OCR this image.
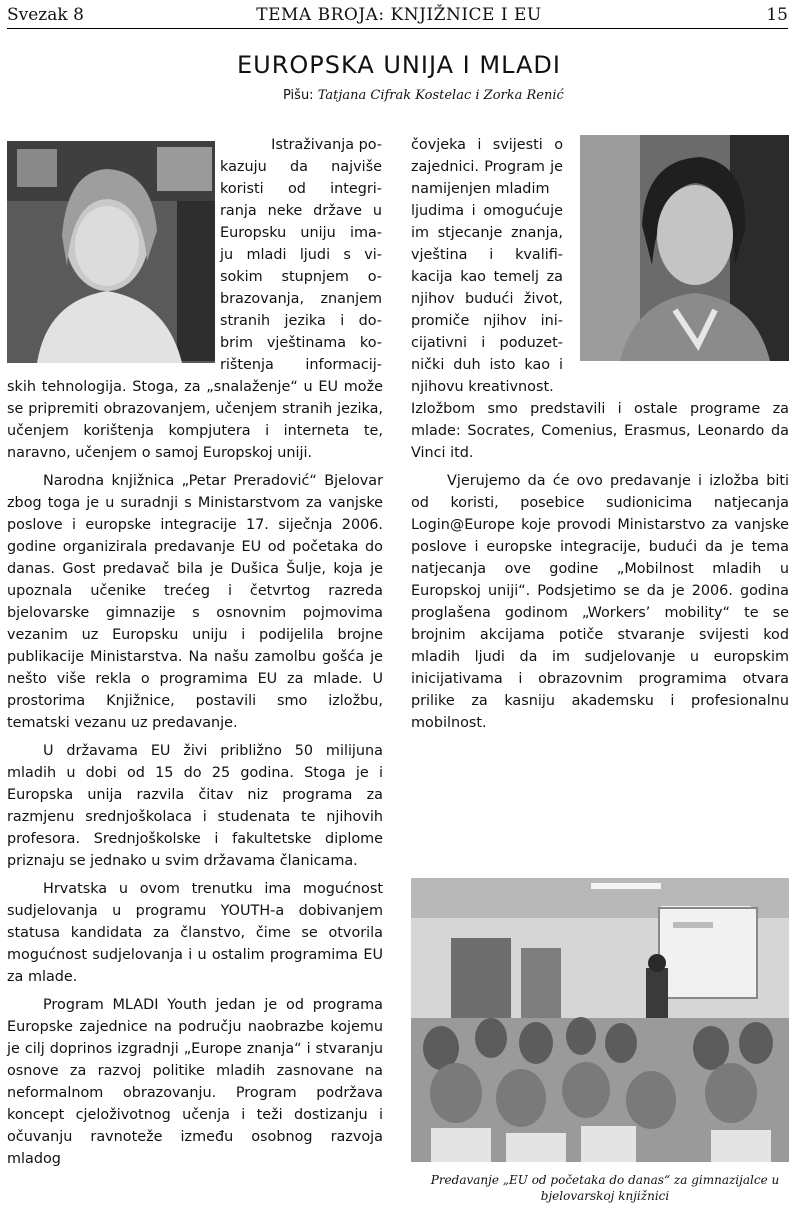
Svezak 8	TEMA BROJA: KNJIŽNICE I EU	15
EUROPSKA UNIJA I MLADI
Pišu: Tatjana Cifrak Kostelac i Zorka Renić
Istraživanja po-
kazuju da najviše
koristi od integri-
ranja neke države u
Europsku uniju ima-
ju mladi ljudi s vi-
sokim stupnjem o-
brazovanja, znanjem
stranih jezika i do-
brim vještinama ko-
rištenja informacij-

skih tehnologija. Stoga, za „snalaženje“ u EU može se pripremiti obrazovanjem, učenjem stranih jezika, učenjem korištenja kompjutera i interneta te, naravno, učenjem o samoj Europskoj uniji.

Narodna knjižnica „Petar Preradović“ Bjelovar zbog toga je u suradnji s Ministarstvom za vanjske poslove i europske integracije 17. siječnja 2006. godine organizirala predavanje EU od početaka do danas. Gost predavač bila je Dušica Šulje, koja je upoznala učenike trećeg i četvrtog razreda bjelovarske gimnazije s osnovnim pojmovima vezanim uz Europsku uniju i podijelila brojne publikacije Ministarstva. Na našu zamolbu gošća je nešto više rekla o programima EU za mlade. U prostorima Knjižnice, postavili smo izložbu, tematski vezanu uz predavanje.

U državama EU živi približno 50 milijuna mladih u dobi od 15 do 25 godina. Stoga je i Europska unija razvila čitav niz programa za razmjenu srednjoškolaca i studenata te njihovih profesora. Srednjoškolske i fakultetske diplome priznaju se jednako u svim državama članicama.

Hrvatska u ovom trenutku ima mogućnost sudjelovanja u programu YOUTH-a dobivanjem statusa kandidata za članstvo, čime se otvorila mogućnost sudjelovanja i u ostalim programima EU za mlade.

Program MLADI Youth jedan je od programa Europske zajednice na području naobrazbe kojemu je cilj doprinos izgradnji „Europe znanja“ i stvaranju osnove za razvoj politike mladih zasnovane na neformalnom obrazovanju. Program podržava koncept cjeloživotnog učenja i teži dostizanju i očuvanju ravnoteže između osobnog razvoja mladog

čovjeka i svijesti o
zajednici. Program je
namijenjen mladim
ljudima i omogućuje
im stjecanje znanja,
vještina i kvalifi-
kacija kao temelj za
njihov budući život,
promiče njihov ini-
cijativni i poduzet-
nički duh isto kao i
njihovu kreativnost.

Izložbom smo predstavili i ostale programe za mlade: Socrates, Comenius, Erasmus, Leonardo da Vinci itd.

Vjerujemo da će ovo predavanje i izložba biti od koristi, posebice sudionicima natjecanja Login@Europe koje provodi Ministarstvo za vanjske poslove i europske integracije, budući da je tema natjecanja ove godine „Mobilnost mladih u Europskoj uniji“. Podsjetimo se da je 2006. godina proglašena godinom „Workers’ mobility“ te se brojnim akcijama potiče stvaranje svijesti kod mladih ljudi da im sudjelovanje u europskim inicijativama i obrazovnim programima otvara prilike za kasniju akademsku i profesionalnu mobilnost.

Predavanje „EU od početaka do danas“ za gimnazijalce u bjelovarskoj knjižnici
